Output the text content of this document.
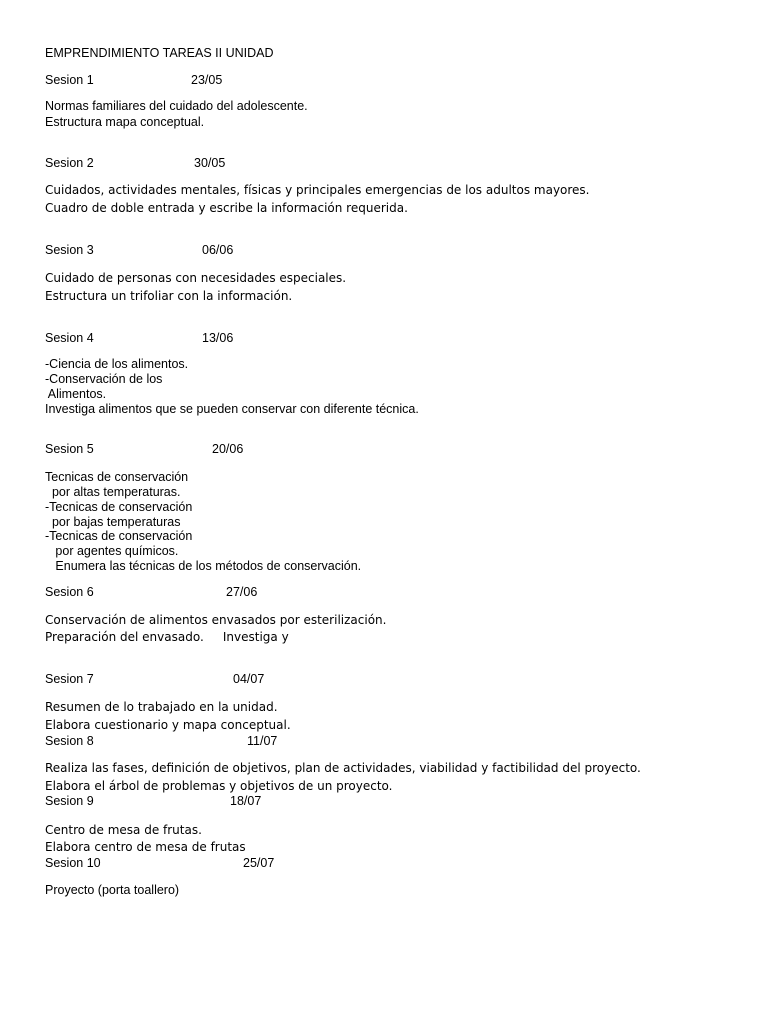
EMPRENDIMIENTO TAREAS II UNIDAD
Sesion 1	23/05
Normas familiares del cuidado del adolescente.
Estructura mapa conceptual.
Sesion 2	30/05
Cuidados, actividades mentales, físicas y principales emergencias de los adultos mayores.
Cuadro de doble entrada y escribe la información requerida.
Sesion 3	06/06
Cuidado de personas con necesidades especiales.
Estructura un trifoliar con la información.
Sesion 4	13/06
-Ciencia de los alimentos.
-Conservación de los
Alimentos.
Investiga alimentos que se pueden conservar con diferente técnica.
Sesion 5	20/06
Tecnicas de conservación
por altas temperaturas.
-Tecnicas de conservación
por bajas temperaturas
-Tecnicas de conservación
por agentes químicos.
Enumera las técnicas de los métodos de conservación.
Sesion 6	27/06
Conservación de alimentos envasados por esterilización.
Preparación del envasado.     Investiga y
Sesion 7	04/07
Resumen de lo trabajado en la unidad.
Elabora cuestionario y mapa conceptual.
Sesion 8	11/07
Realiza las fases, definición de objetivos, plan de actividades, viabilidad y factibilidad del proyecto.
Elabora el árbol de problemas y objetivos de un proyecto.
Sesion 9	18/07
Centro de mesa de frutas.
Elabora centro de mesa de frutas
Sesion 10	25/07
Proyecto (porta toallero)
